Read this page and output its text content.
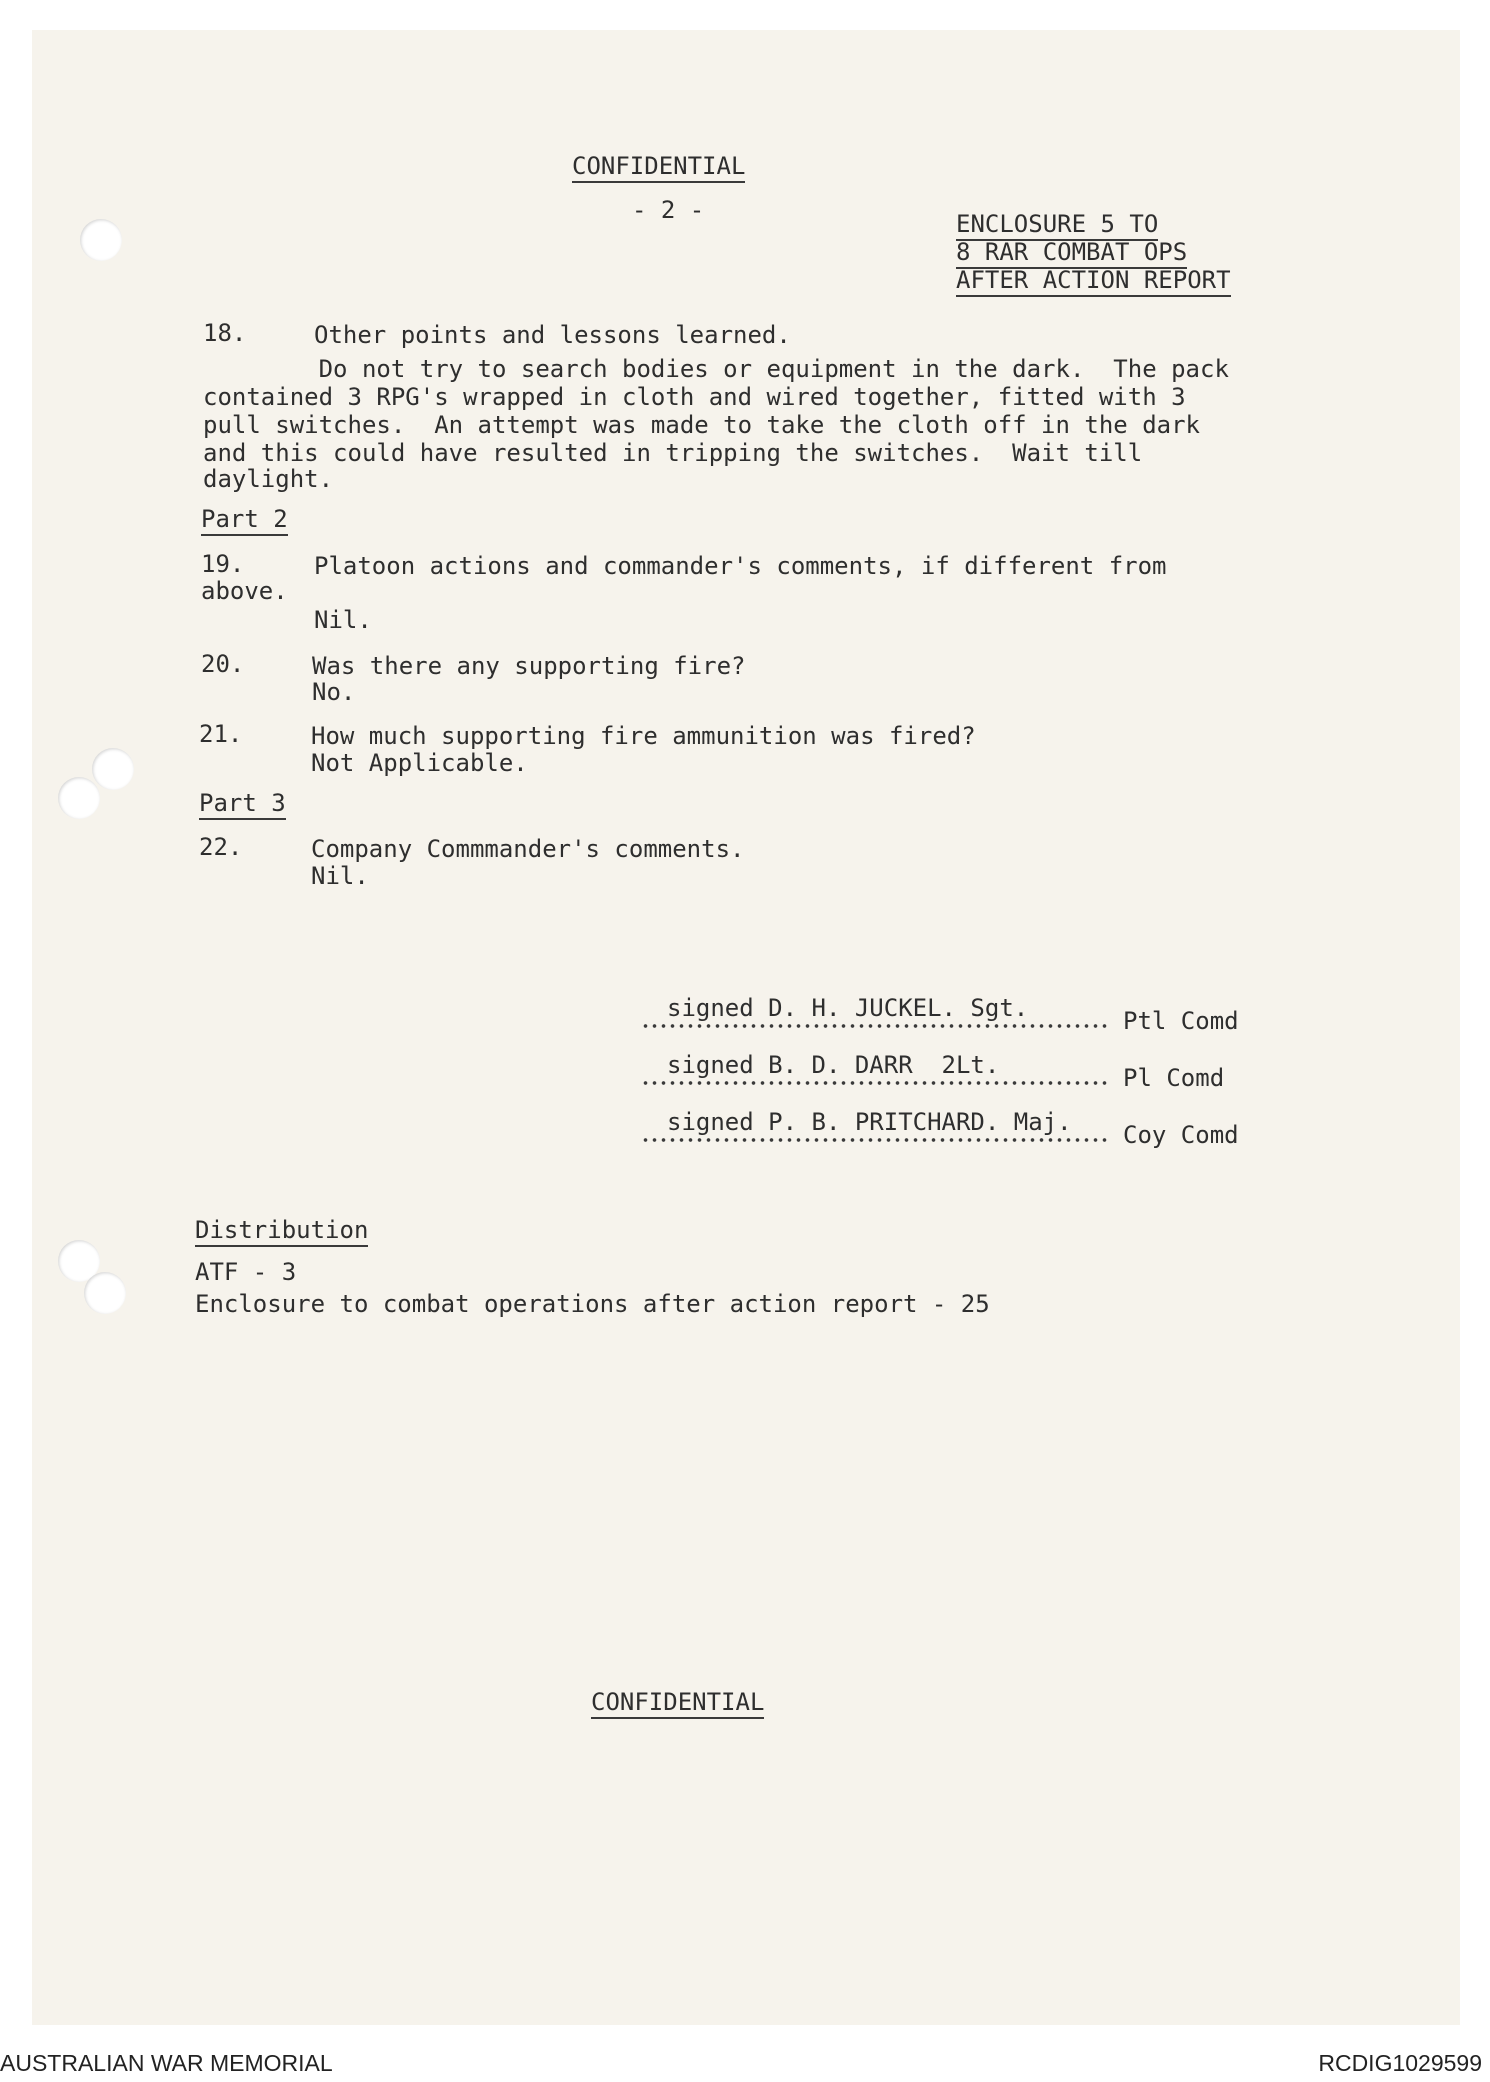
CONFIDENTIAL
- 2 -	ENCLOSURE 5 TO
8 RAR COMBAT OPS
AFTER ACTION REPORT
18.	Other points and lessons learned.
Do not try to search bodies or equipment in the dark.  The pack
contained 3 RPG's wrapped in cloth and wired together, fitted with 3
pull switches.  An attempt was made to take the cloth off in the dark
and this could have resulted in tripping the switches.  Wait till
daylight.
Part 2
19.	Platoon actions and commander's comments, if different from
above.
Nil.
20.	Was there any supporting fire?
No.
21.	How much supporting fire ammunition was fired?
Not Applicable.
Part 3
22.	Company Commmander's comments.
Nil.
signed D. H. JUCKEL. Sgt.	Ptl Comd
signed B. D. DARR  2Lt.	Pl Comd
signed P. B. PRITCHARD. Maj. Coy Comd
Distribution
ATF - 3
Enclosure to combat operations after action report - 25
CONFIDENTIAL
AUSTRALIAN WAR MEMORIAL	RCDIG1029599
